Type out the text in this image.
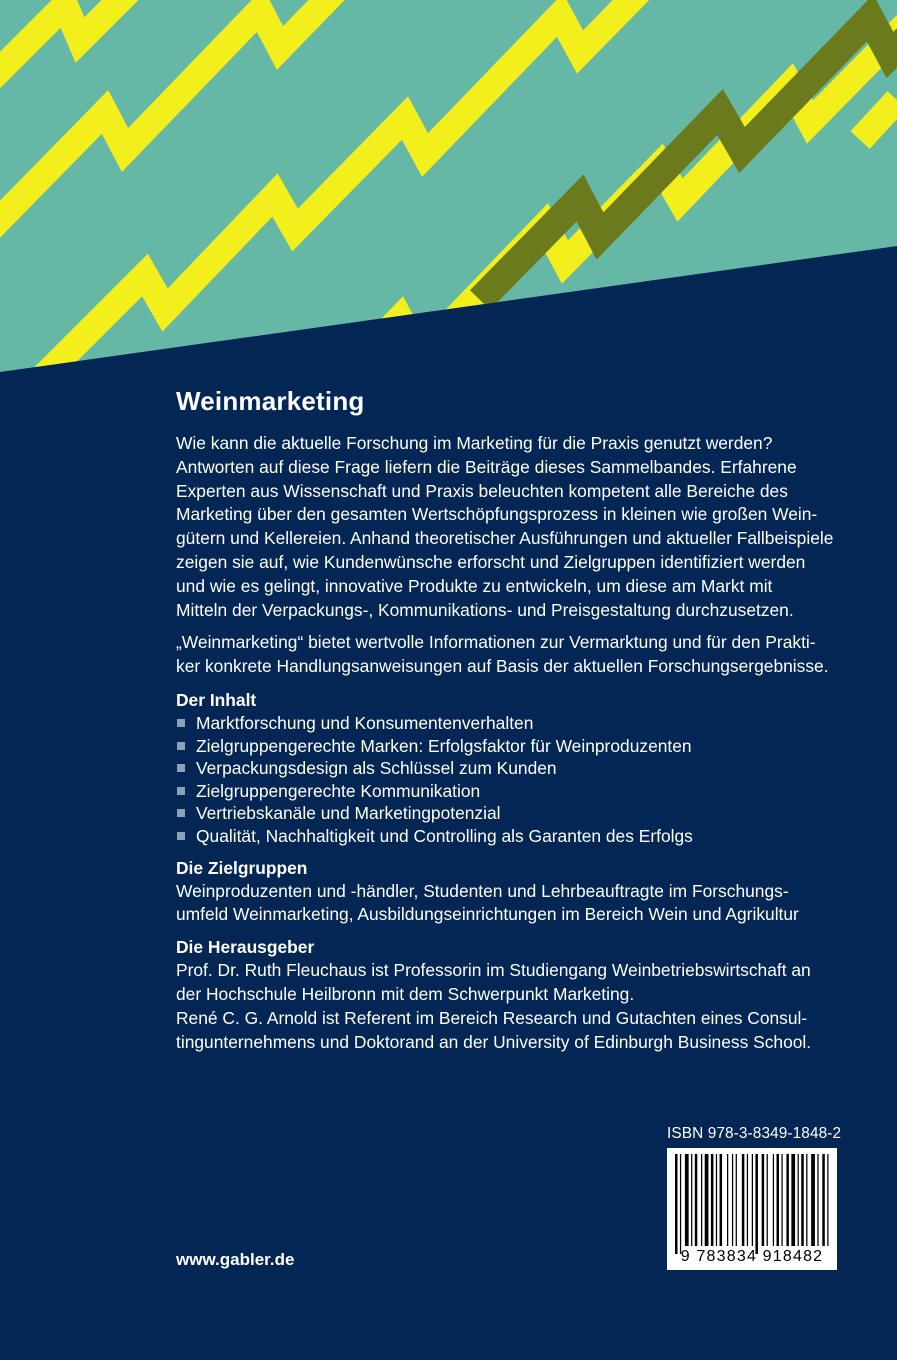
Weinmarketing

Wie kann die aktuelle Forschung im Marketing für die Praxis genutzt werden?
Antworten auf diese Frage liefern die Beiträge dieses Sammelbandes. Erfahrene
Experten aus Wissenschaft und Praxis beleuchten kompetent alle Bereiche des
Marketing über den gesamten Wertschöpfungsprozess in kleinen wie großen Wein-
gütern und Kellereien. Anhand theoretischer Ausführungen und aktueller Fallbeispiele
zeigen sie auf, wie Kundenwünsche erforscht und Zielgruppen identifiziert werden
und wie es gelingt, innovative Produkte zu entwickeln, um diese am Markt mit
Mitteln der Verpackungs-, Kommunikations- und Preisgestaltung durchzusetzen.

„Weinmarketing“ bietet wertvolle Informationen zur Vermarktung und für den Prakti-
ker konkrete Handlungsanweisungen auf Basis der aktuellen Forschungsergebnisse.

Der Inhalt
Marktforschung und Konsumentenverhalten
Zielgruppengerechte Marken: Erfolgsfaktor für Weinproduzenten
Verpackungsdesign als Schlüssel zum Kunden
Zielgruppengerechte Kommunikation
Vertriebskanäle und Marketingpotenzial
Qualität, Nachhaltigkeit und Controlling als Garanten des Erfolgs
Die Zielgruppen

Weinproduzenten und -händler, Studenten und Lehrbeauftragte im Forschungs-
umfeld Weinmarketing, Ausbildungseinrichtungen im Bereich Wein und Agrikultur

Die Herausgeber

Prof. Dr. Ruth Fleuchaus ist Professorin im Studiengang Weinbetriebswirtschaft an
der Hochschule Heilbronn mit dem Schwerpunkt Marketing.
René C. G. Arnold ist Referent im Bereich Research und Gutachten eines Consul-
tingunternehmens und Doktorand an der University of Edinburgh Business School.

ISBN 978-3-8349-1848-2
9 783834 918482
www.gabler.de
